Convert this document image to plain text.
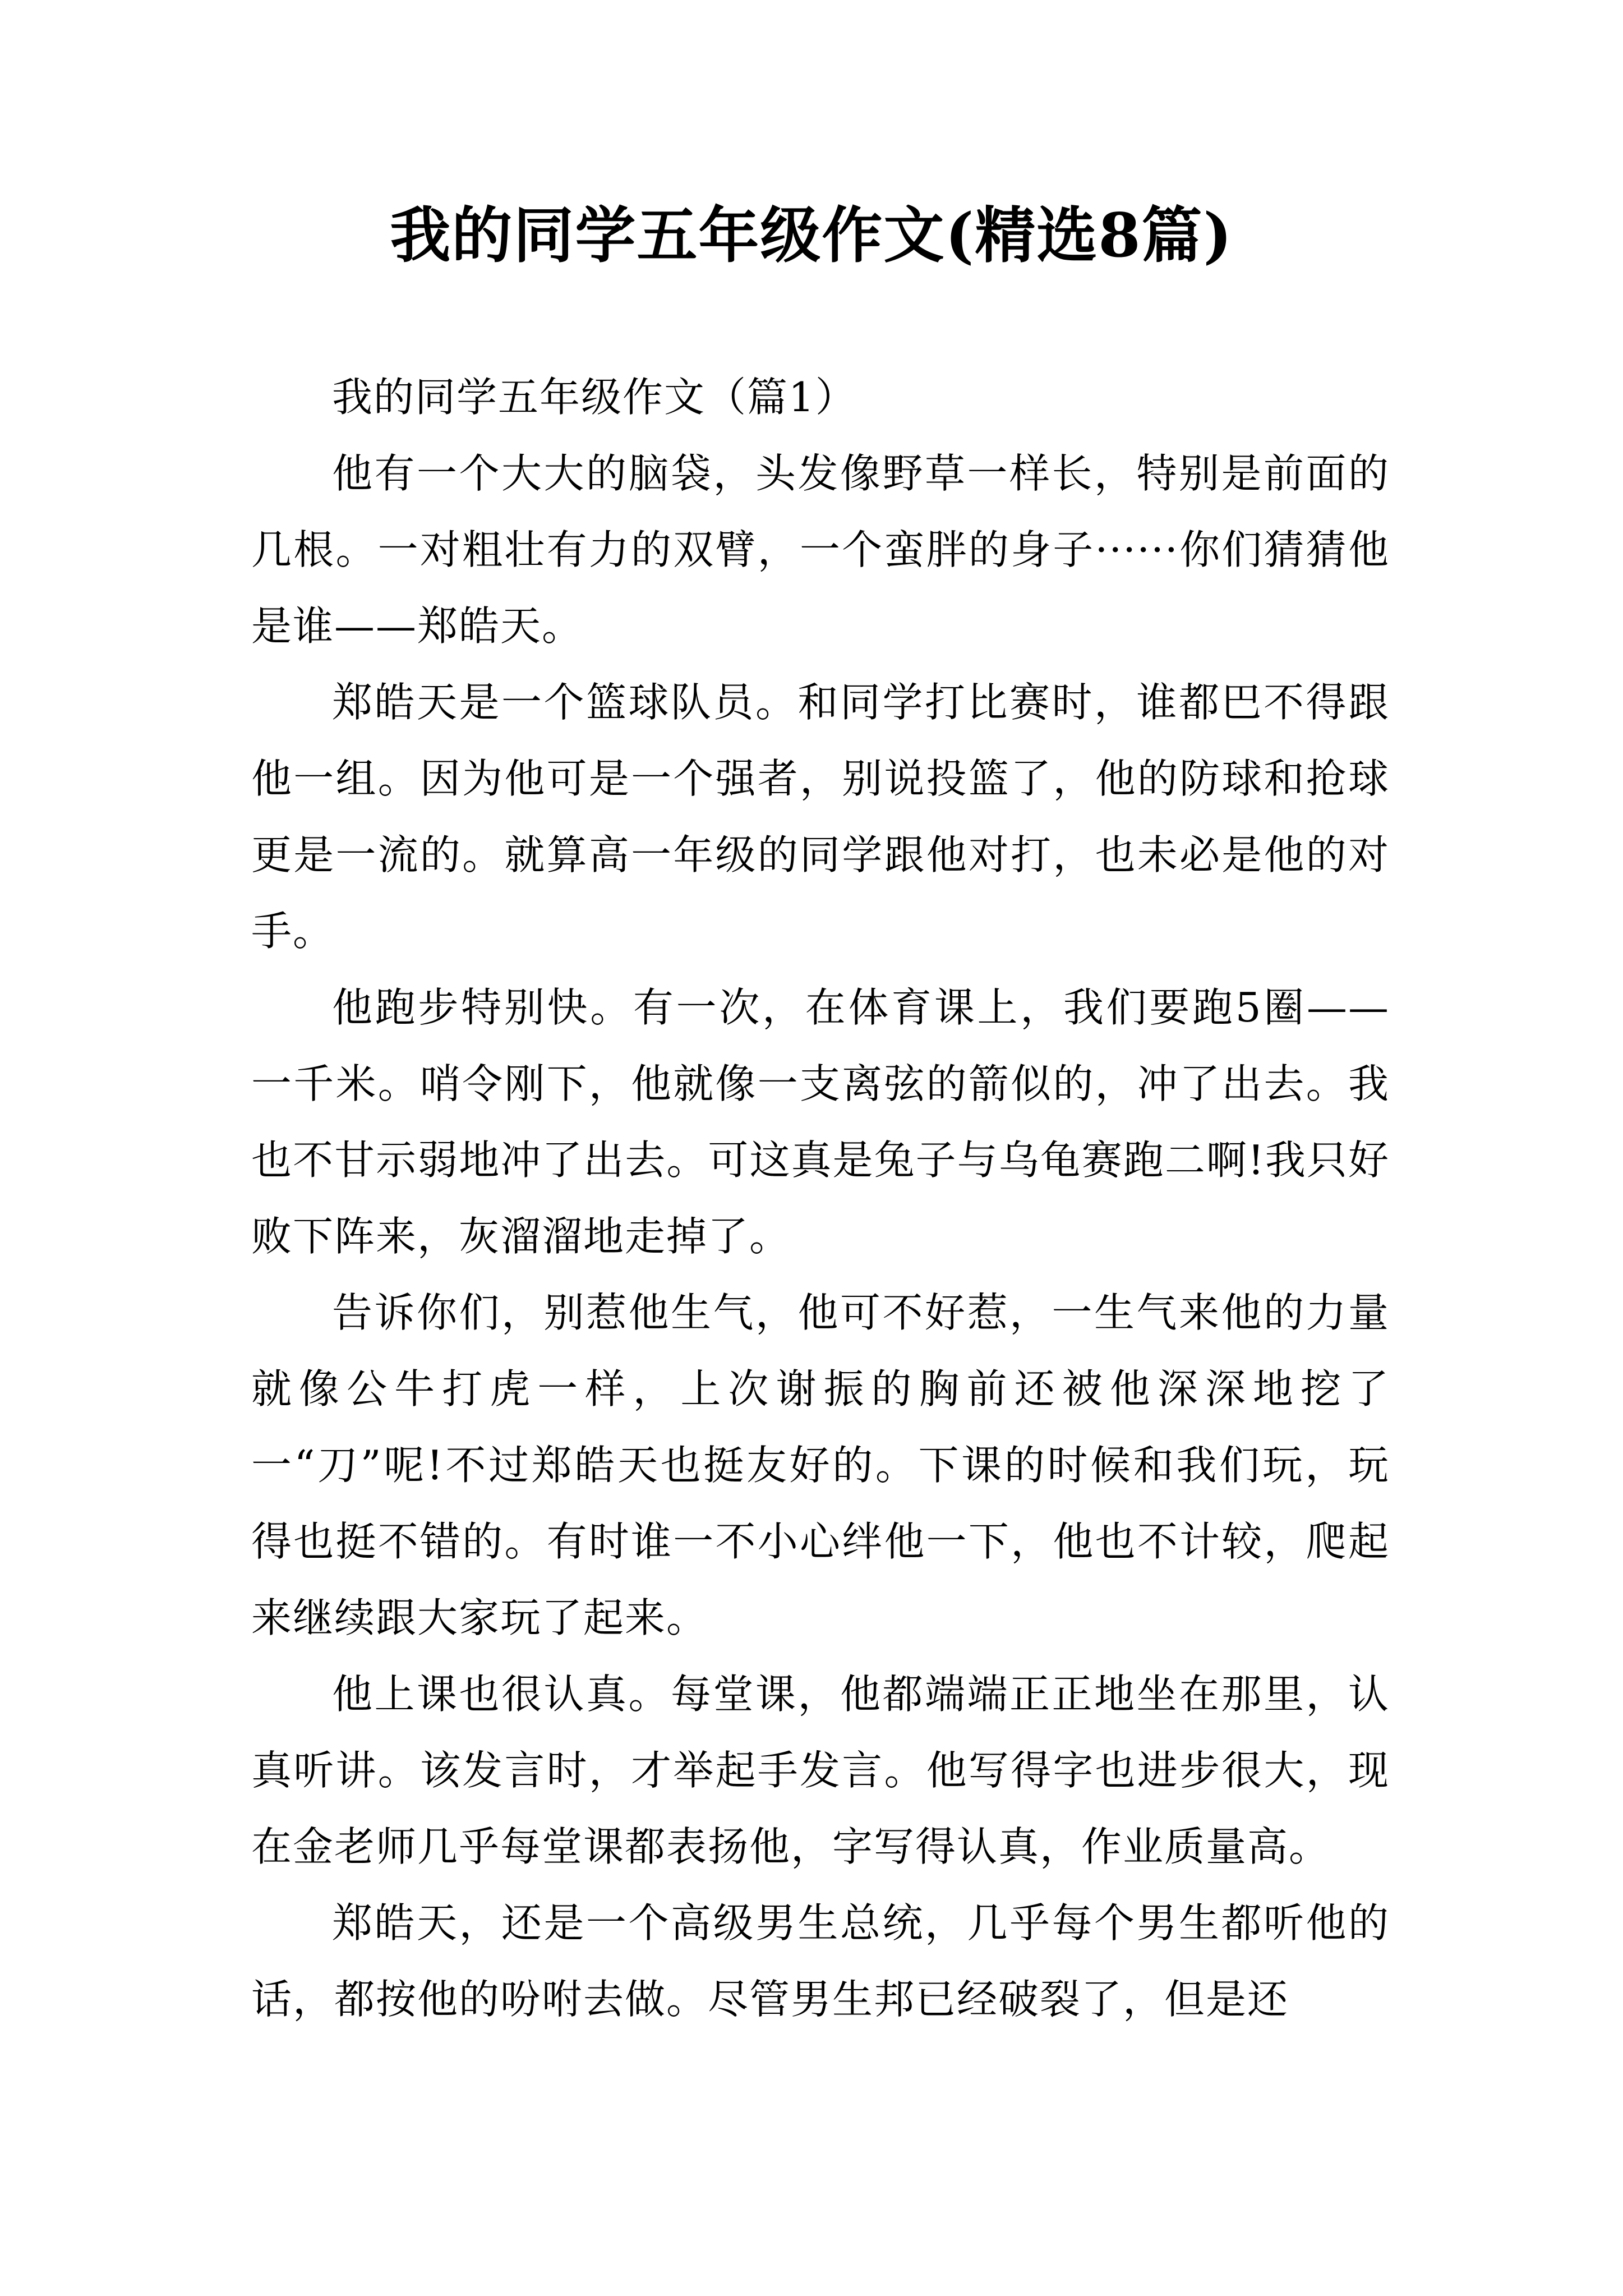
我的同学五年级作文(精选8篇)

我的同学五年级作文（篇1）

他有一个大大的脑袋，头发像野草一样长，特别是前面的几根。一对粗壮有力的双臂，一个蛮胖的身子······你们猜猜他是谁——郑皓天。

郑皓天是一个篮球队员。和同学打比赛时，谁都巴不得跟他一组。因为他可是一个强者，别说投篮了，他的防球和抢球更是一流的。就算高一年级的同学跟他对打，也未必是他的对手。

他跑步特别快。有一次，在体育课上，我们要跑5圈——一千米。哨令刚下，他就像一支离弦的箭似的，冲了出去。我也不甘示弱地冲了出去。可这真是兔子与乌龟赛跑二啊!我只好败下阵来，灰溜溜地走掉了。

告诉你们，别惹他生气，他可不好惹，一生气来他的力量就像公牛打虎一样，上次谢振的胸前还被他深深地挖了一“刀”呢!不过郑皓天也挺友好的。下课的时候和我们玩，玩得也挺不错的。有时谁一不小心绊他一下，他也不计较，爬起来继续跟大家玩了起来。

他上课也很认真。每堂课，他都端端正正地坐在那里，认真听讲。该发言时，才举起手发言。他写得字也进步很大，现在金老师几乎每堂课都表扬他，字写得认真，作业质量高。

郑皓天，还是一个高级男生总统，几乎每个男生都听他的话，都按他的吩咐去做。尽管男生邦已经破裂了，但是还
